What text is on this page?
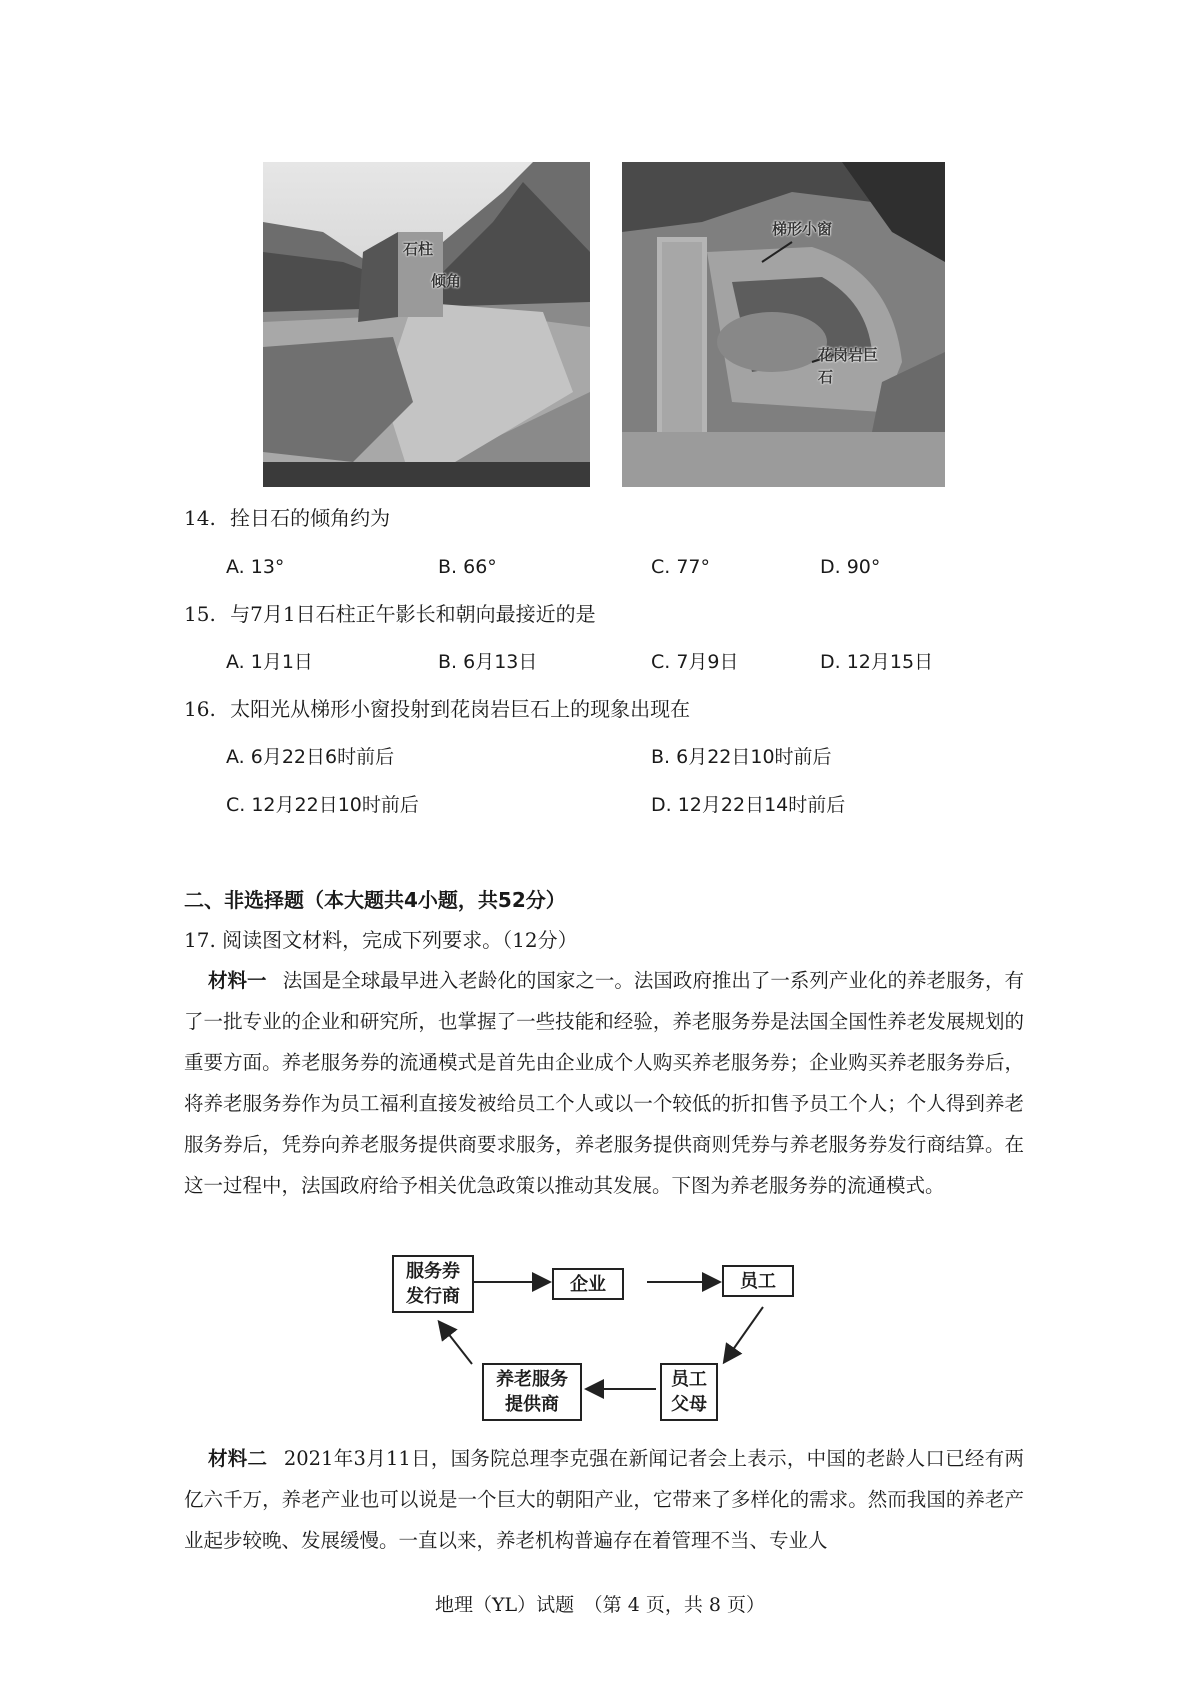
石柱
倾角
梯形小窗
花岗岩巨石
14. 拴日石的倾角约为
A. 13°	B. 66°	C. 77°	D. 90°
15. 与7月1日石柱正午影长和朝向最接近的是
A. 1月1日	B. 6月13日	C. 7月9日	D. 12月15日
16. 太阳光从梯形小窗投射到花岗岩巨石上的现象出现在
A. 6月22日6时前后	B. 6月22日10时前后
C. 12月22日10时前后	D. 12月22日14时前后
二、非选择题（本大题共4小题，共52分）
17. 阅读图文材料，完成下列要求。（12分）
材料一 法国是全球最早进入老龄化的国家之一。法国政府推出了一系列产业化的养老服务，有了一批专业的企业和研究所，也掌握了一些技能和经验，养老服务券是法国全国性养老发展规划的重要方面。养老服务券的流通模式是首先由企业成个人购买养老服务券；企业购买养老服务券后，将养老服务券作为员工福利直接发被给员工个人或以一个较低的折扣售予员工个人；个人得到养老服务券后，凭券向养老服务提供商要求服务，养老服务提供商则凭券与养老服务券发行商结算。在这一过程中，法国政府给予相关优急政策以推动其发展。下图为养老服务券的流通模式。
服务券
发行商
企业	员工
员工
父母
养老服务
提供商
材料二 2021年3月11日，国务院总理李克强在新闻记者会上表示，中国的老龄人口已经有两亿六千万，养老产业也可以说是一个巨大的朝阳产业，它带来了多样化的需求。然而我国的养老产业起步较晚、发展缓慢。一直以来，养老机构普遍存在着管理不当、专业人
地理（YL）试题　（第 4 页，共 8 页）
